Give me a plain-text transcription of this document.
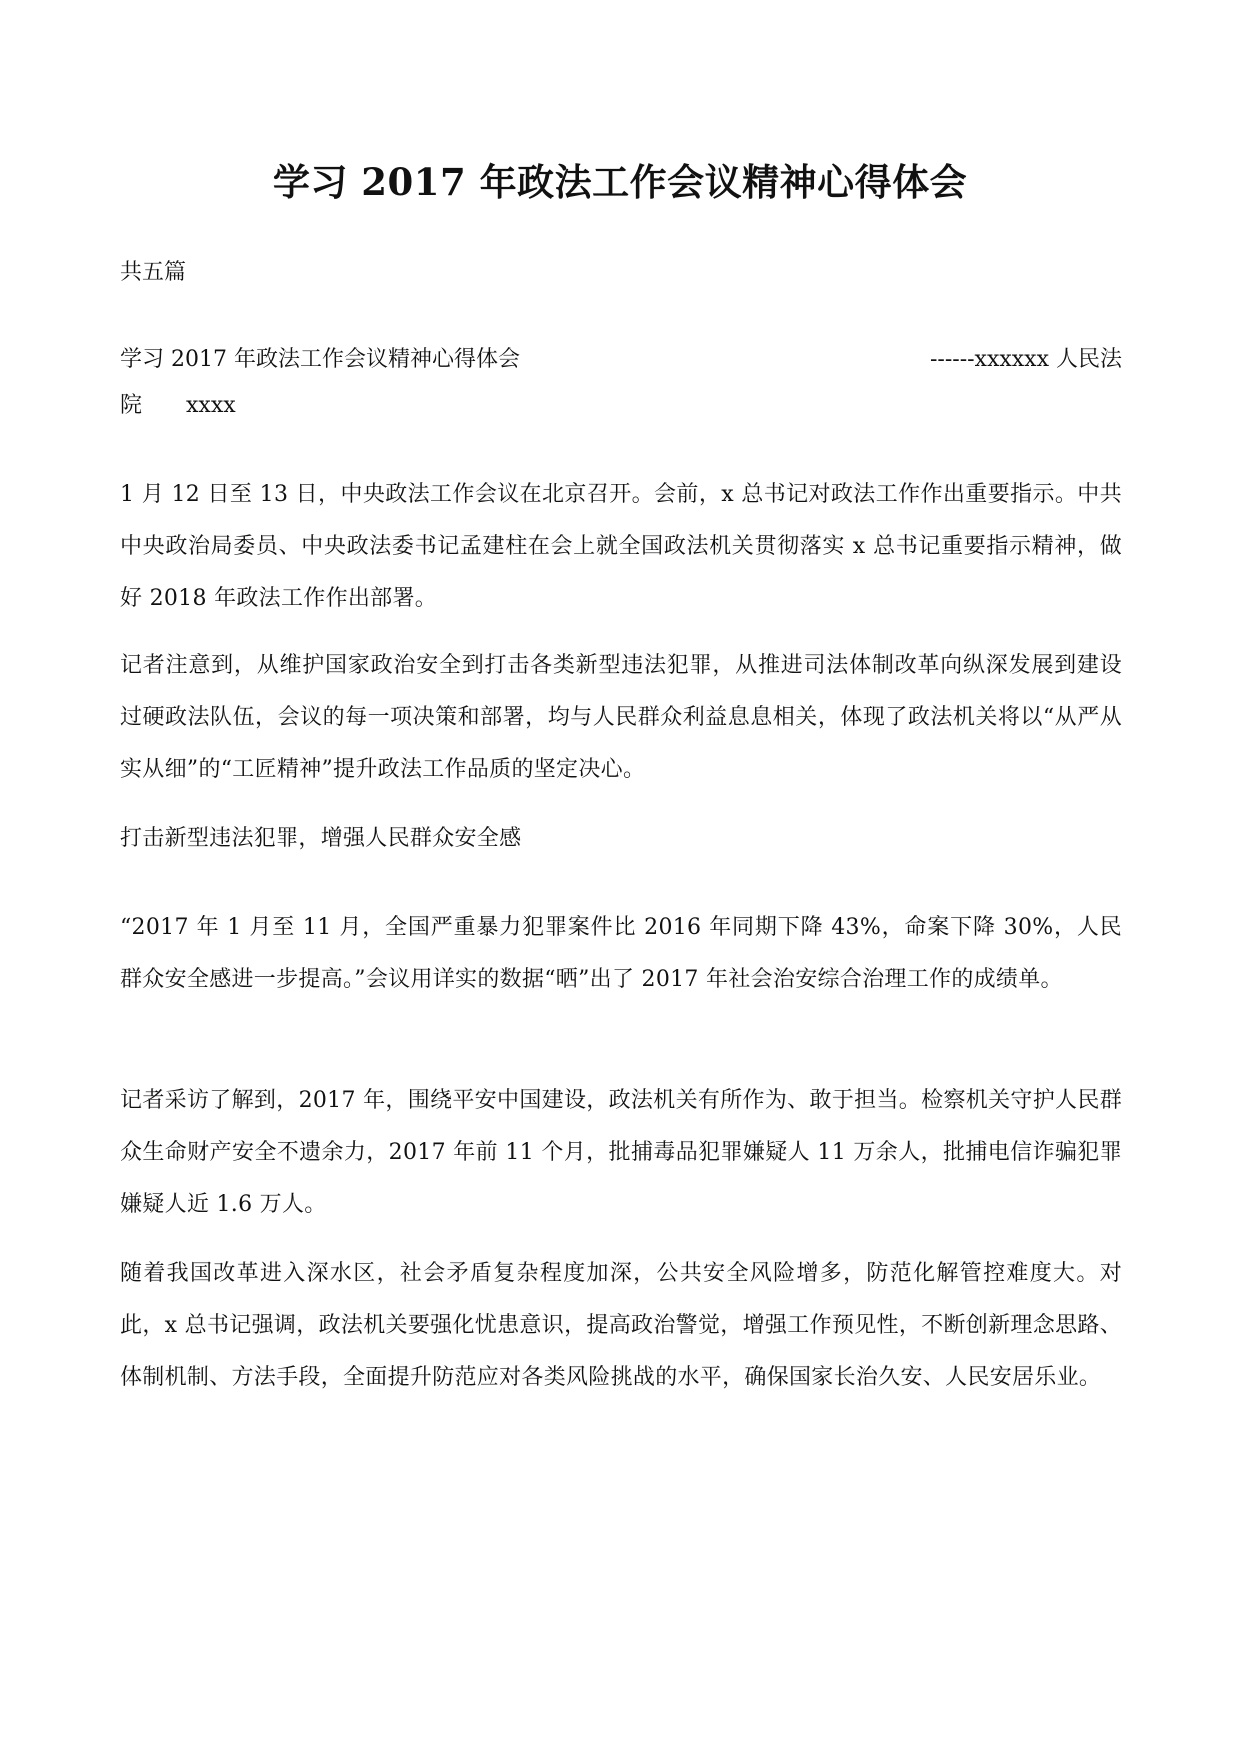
学习 2017 年政法工作会议精神心得体会
共五篇
学习 2017 年政法工作会议精神心得体会	------xxxxxx 人民法
院　　xxxx
1 月 12 日至 13 日，中央政法工作会议在北京召开。会前，x 总书记对政法工作作出重要指示。中共中央政治局委员、中央政法委书记孟建柱在会上就全国政法机关贯彻落实 x 总书记重要指示精神，做好 2018 年政法工作作出部署。
记者注意到，从维护国家政治安全到打击各类新型违法犯罪，从推进司法体制改革向纵深发展到建设过硬政法队伍，会议的每一项决策和部署，均与人民群众利益息息相关，体现了政法机关将以“从严从实从细”的“工匠精神”提升政法工作品质的坚定决心。
打击新型违法犯罪，增强人民群众安全感
“2017 年 1 月至 11 月，全国严重暴力犯罪案件比 2016 年同期下降 43%，命案下降 30%，人民群众安全感进一步提高。”会议用详实的数据“晒”出了 2017 年社会治安综合治理工作的成绩单。
记者采访了解到，2017 年，围绕平安中国建设，政法机关有所作为、敢于担当。检察机关守护人民群众生命财产安全不遗余力，2017 年前 11 个月，批捕毒品犯罪嫌疑人 11 万余人，批捕电信诈骗犯罪嫌疑人近 1.6 万人。
随着我国改革进入深水区，社会矛盾复杂程度加深，公共安全风险增多，防范化解管控难度大。对此，x 总书记强调，政法机关要强化忧患意识，提高政治警觉，增强工作预见性，不断创新理念思路、体制机制、方法手段，全面提升防范应对各类风险挑战的水平，确保国家长治久安、人民安居乐业。
